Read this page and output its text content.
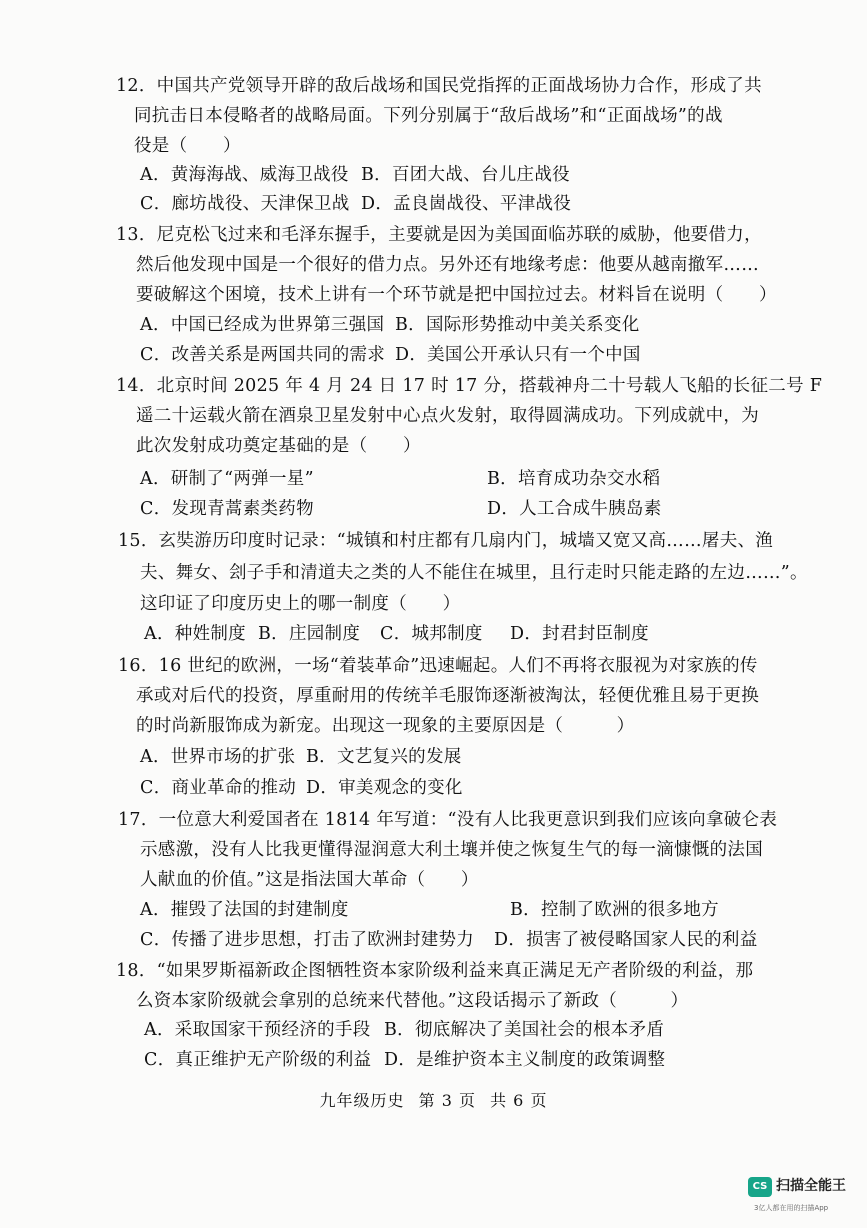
12．中国共产党领导开辟的敌后战场和国民党指挥的正面战场协力合作，形成了共
同抗击日本侵略者的战略局面。下列分别属于“敌后战场”和“正面战场”的战
役是（　　）
A．黄海海战、威海卫战役 B．百团大战、台儿庄战役
C．廊坊战役、天津保卫战 D．孟良崮战役、平津战役
13．尼克松飞过来和毛泽东握手，主要就是因为美国面临苏联的威胁，他要借力，
然后他发现中国是一个很好的借力点。另外还有地缘考虑：他要从越南撤军……
要破解这个困境，技术上讲有一个环节就是把中国拉过去。材料旨在说明（　　）
A．中国已经成为世界第三强国 B．国际形势推动中美关系变化
C．改善关系是两国共同的需求 D．美国公开承认只有一个中国
14．北京时间 2025 年 4 月 24 日 17 时 17 分，搭载神舟二十号载人飞船的长征二号 F
遥二十运载火箭在酒泉卫星发射中心点火发射，取得圆满成功。下列成就中，为
此次发射成功奠定基础的是（　　）
A．研制了“两弹一星”	B．培育成功杂交水稻
C．发现青蒿素类药物	D．人工合成牛胰岛素
15．玄奘游历印度时记录：“城镇和村庄都有几扇内门，城墙又宽又高……屠夫、渔
夫、舞女、刽子手和清道夫之类的人不能住在城里，且行走时只能走路的左边……”。
这印证了印度历史上的哪一制度（　　）
A．种姓制度 B．庄园制度 C．城邦制度 D．封君封臣制度
16．16 世纪的欧洲，一场“着装革命”迅速崛起。人们不再将衣服视为对家族的传
承或对后代的投资，厚重耐用的传统羊毛服饰逐渐被淘汰，轻便优雅且易于更换
的时尚新服饰成为新宠。出现这一现象的主要原因是（　　　）
A．世界市场的扩张 B．文艺复兴的发展
C．商业革命的推动 D．审美观念的变化
17．一位意大利爱国者在 1814 年写道：“没有人比我更意识到我们应该向拿破仑表
示感激，没有人比我更懂得湿润意大利土壤并使之恢复生气的每一滴慷慨的法国
人献血的价值。”这是指法国大革命（　　）
A．摧毁了法国的封建制度	B．控制了欧洲的很多地方
C．传播了进步思想，打击了欧洲封建势力 D．损害了被侵略国家人民的利益
18．“如果罗斯福新政企图牺牲资本家阶级利益来真正满足无产者阶级的利益，那
么资本家阶级就会拿别的总统来代替他。”这段话揭示了新政（　　　）
A．采取国家干预经济的手段 B．彻底解决了美国社会的根本矛盾
C．真正维护无产阶级的利益 D．是维护资本主义制度的政策调整
九年级历史 第 3 页 共 6 页
CS 扫描全能王
3亿人都在用的扫描App
